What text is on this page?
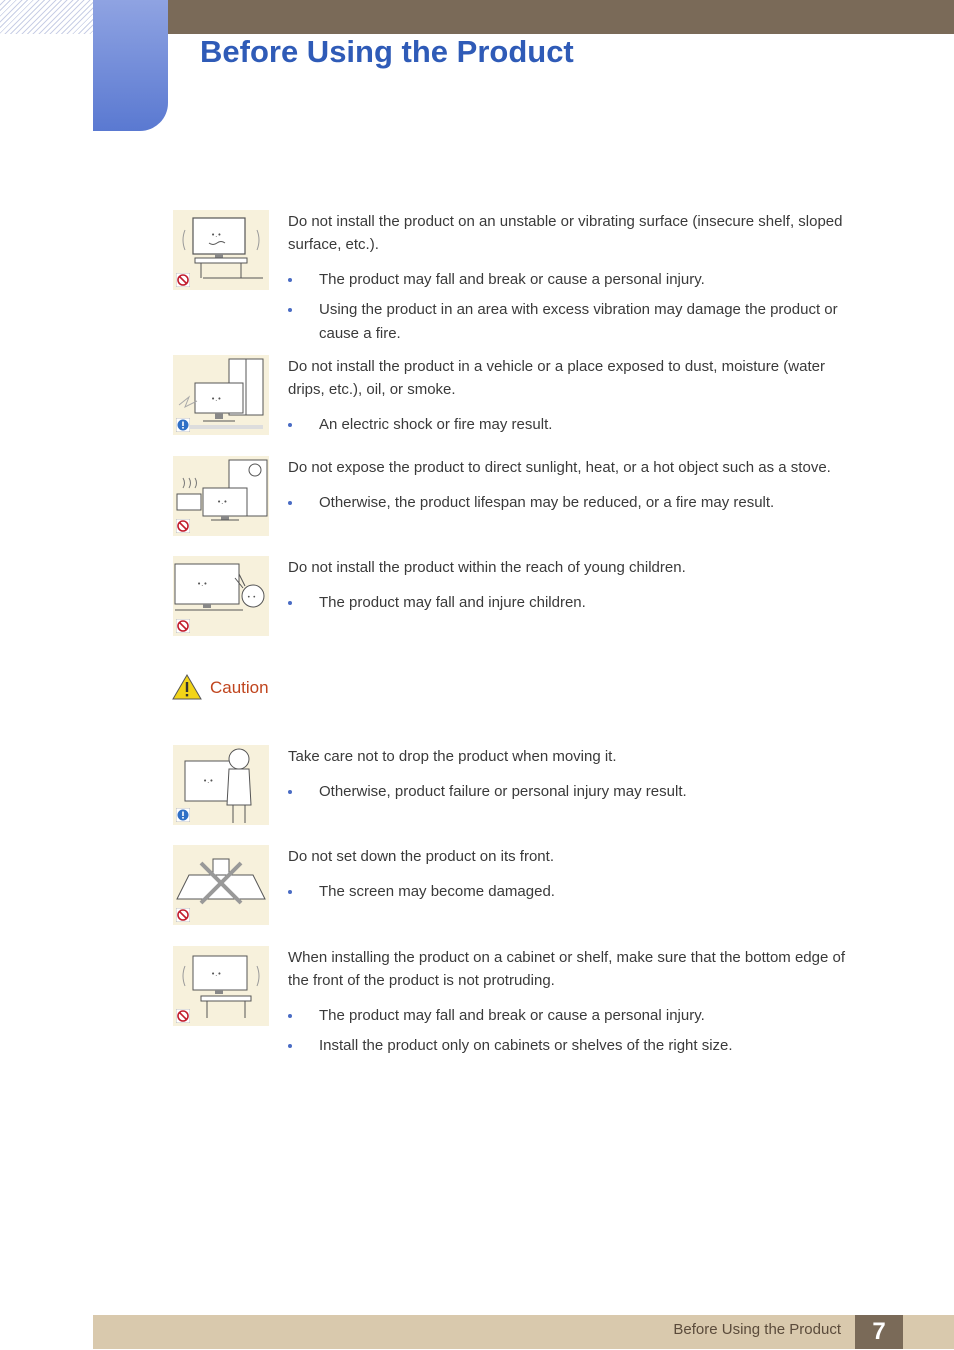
Before Using the Product
•.•

Do not install the product on an unstable or vibrating surface (insecure shelf, sloped surface, etc.).

The product may fall and break or cause a personal injury.
Using the product in an area with excess vibration may damage the product or cause a fire.
•.•

Do not install the product in a vehicle or a place exposed to dust, moisture (water drips, etc.), oil, or smoke.

An electric shock or fire may result.
•.•

Do not expose the product to direct sunlight, heat, or a hot object such as a stove.

Otherwise, the product lifespan may be reduced, or a fire may result.
•.•
• •

Do not install the product within the reach of young children.

The product may fall and injure children.
Caution
•.•

Take care not to drop the product when moving it.

Otherwise, product failure or personal injury may result.

Do not set down the product on its front.

The screen may become damaged.
•.•

When installing the product on a cabinet or shelf, make sure that the bottom edge of the front of the product is not protruding.

The product may fall and break or cause a personal injury.
Install the product only on cabinets or shelves of the right size.
Before Using the Product	7
